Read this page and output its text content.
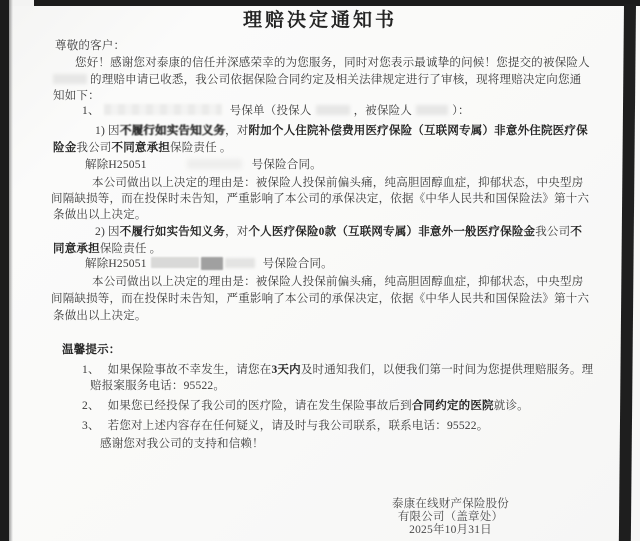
理赔决定通知书
尊敬的客户：
您好！感谢您对泰康的信任并深感荣幸的为您服务，同时对您表示最诚挚的问候！您提交的被保险人
的理赔申请已收悉，我公司依据保险合同约定及相关法律规定进行了审核，现将理赔决定向您通
知如下：
1、	号保单（投保人	，被保险人	）：
1) 因不履行如实告知义务，对附加个人住院补偿费用医疗保险（互联网专属）非意外住院医疗保
险金我公司不同意承担保险责任 。
解除H25051	号保险合同。
本公司做出以上决定的理由是：被保险人投保前偏头痛，纯高胆固醇血症，抑郁状态，中央型房
间隔缺损等，而在投保时未告知，严重影响了本公司的承保决定，依据《中华人民共和国保险法》第十六
条做出以上决定。
2) 因不履行如实告知义务，对个人医疗保险0款（互联网专属）非意外一般医疗保险金我公司不
同意承担保险责任 。
解除H25051	号保险合同。
本公司做出以上决定的理由是：被保险人投保前偏头痛，纯高胆固醇血症，抑郁状态，中央型房
间隔缺损等，而在投保时未告知，严重影响了本公司的承保决定，依据《中华人民共和国保险法》第十六
条做出以上决定。
温馨提示：
1、 如果保险事故不幸发生，请您在3天内及时通知我们，以便我们第一时间为您提供理赔服务。理
赔报案服务电话：95522。
2、 如果您已经投保了我公司的医疗险，请在发生保险事故后到合同约定的医院就诊。
3、 若您对上述内容存在任何疑义，请及时与我公司联系，联系电话：95522。
感谢您对我公司的支持和信赖！
泰康在线财产保险股份
有限公司（盖章处）
2025年10月31日
